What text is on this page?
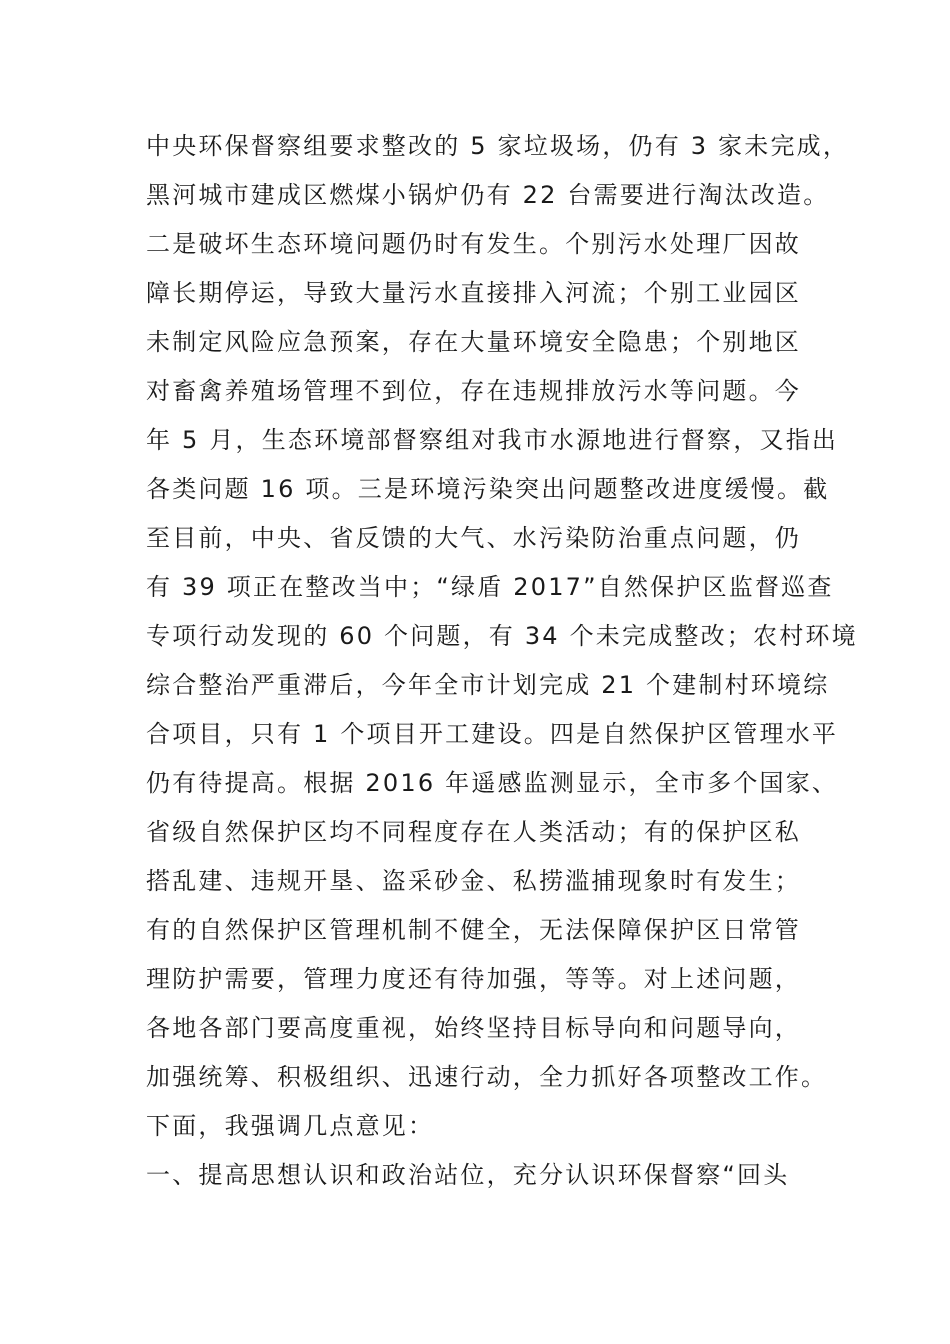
中央环保督察组要求整改的 5 家垃圾场，仍有 3 家未完成，
黑河城市建成区燃煤小锅炉仍有 22 台需要进行淘汰改造。
二是破坏生态环境问题仍时有发生。个别污水处理厂因故
障长期停运，导致大量污水直接排入河流；个别工业园区
未制定风险应急预案，存在大量环境安全隐患；个别地区
对畜禽养殖场管理不到位，存在违规排放污水等问题。今
年 5 月，生态环境部督察组对我市水源地进行督察，又指出
各类问题 16 项。三是环境污染突出问题整改进度缓慢。截
至目前，中央、省反馈的大气、水污染防治重点问题，仍
有 39 项正在整改当中；“绿盾 2017”自然保护区监督巡查
专项行动发现的 60 个问题，有 34 个未完成整改；农村环境
综合整治严重滞后，今年全市计划完成 21 个建制村环境综
合项目，只有 1 个项目开工建设。四是自然保护区管理水平
仍有待提高。根据 2016 年遥感监测显示，全市多个国家、
省级自然保护区均不同程度存在人类活动；有的保护区私
搭乱建、违规开垦、盗采砂金、私捞滥捕现象时有发生；
有的自然保护区管理机制不健全，无法保障保护区日常管
理防护需要，管理力度还有待加强，等等。对上述问题，
各地各部门要高度重视，始终坚持目标导向和问题导向，
加强统筹、积极组织、迅速行动，全力抓好各项整改工作。
下面，我强调几点意见：
一、提高思想认识和政治站位，充分认识环保督察“回头
